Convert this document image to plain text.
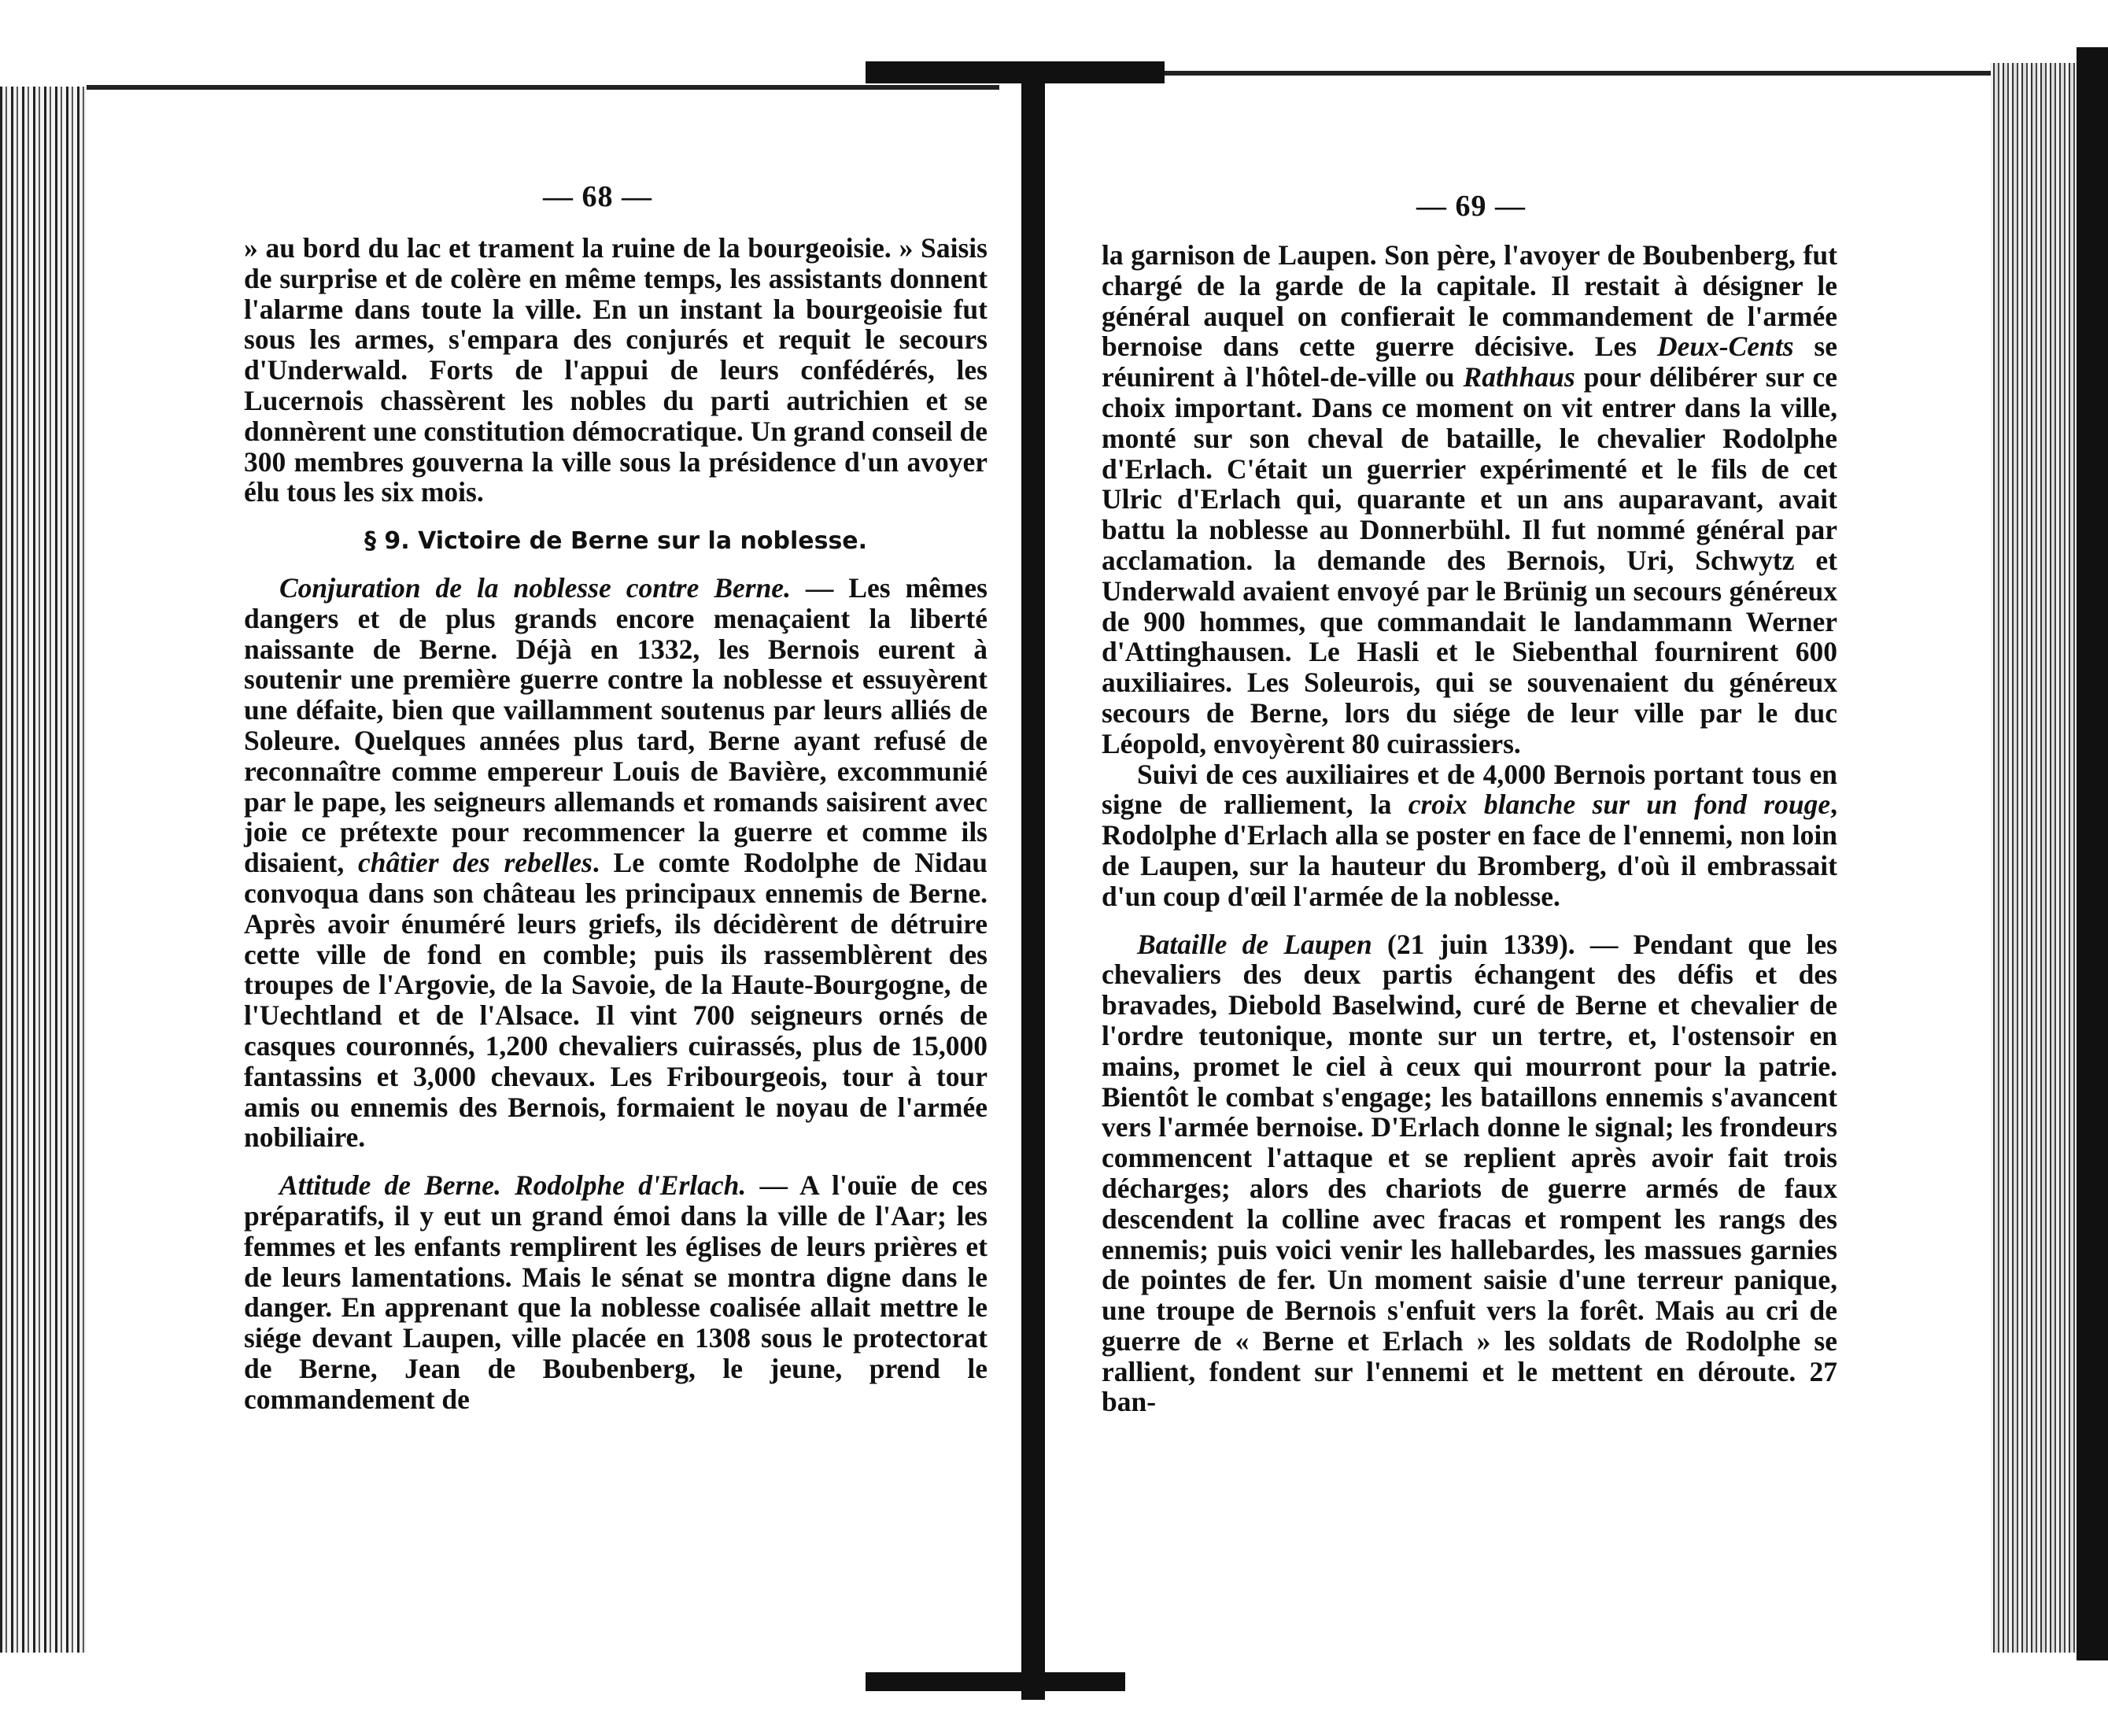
— 68 —

» au bord du lac et trament la ruine de la bourgeoisie. » Saisis de surprise et de colère en même temps, les assistants donnent l'alarme dans toute la ville. En un instant la bourgeoisie fut sous les armes, s'empara des conjurés et requit le secours d'Underwald. Forts de l'appui de leurs confédérés, les Lucernois chassèrent les nobles du parti autrichien et se donnèrent une constitution démocratique. Un grand conseil de 300 membres gouverna la ville sous la présidence d'un avoyer élu tous les six mois.

§ 9. Victoire de Berne sur la noblesse.

Conjuration de la noblesse contre Berne. — Les mêmes dangers et de plus grands encore menaçaient la liberté naissante de Berne. Déjà en 1332, les Bernois eurent à soutenir une première guerre contre la noblesse et essuyèrent une défaite, bien que vaillamment soutenus par leurs alliés de Soleure. Quelques années plus tard, Berne ayant refusé de reconnaître comme empereur Louis de Bavière, excommunié par le pape, les seigneurs allemands et romands saisirent avec joie ce prétexte pour recommencer la guerre et comme ils disaient, châtier des rebelles. Le comte Rodolphe de Nidau convoqua dans son château les principaux ennemis de Berne. Après avoir énuméré leurs griefs, ils décidèrent de détruire cette ville de fond en comble; puis ils rassemblèrent des troupes de l'Argovie, de la Savoie, de la Haute-Bourgogne, de l'Uechtland et de l'Alsace. Il vint 700 seigneurs ornés de casques couronnés, 1,200 chevaliers cuirassés, plus de 15,000 fantassins et 3,000 chevaux. Les Fribourgeois, tour à tour amis ou ennemis des Bernois, formaient le noyau de l'armée nobiliaire.

Attitude de Berne. Rodolphe d'Erlach. — A l'ouïe de ces préparatifs, il y eut un grand émoi dans la ville de l'Aar; les femmes et les enfants remplirent les églises de leurs prières et de leurs lamentations. Mais le sénat se montra digne dans le danger. En apprenant que la noblesse coalisée allait mettre le siége devant Laupen, ville placée en 1308 sous le protectorat de Berne, Jean de Boubenberg, le jeune, prend le commandement de

— 69 —

la garnison de Laupen. Son père, l'avoyer de Boubenberg, fut chargé de la garde de la capitale. Il restait à désigner le général auquel on confierait le commandement de l'armée bernoise dans cette guerre décisive. Les Deux-Cents se réunirent à l'hôtel-de-ville ou Rathhaus pour délibérer sur ce choix important. Dans ce moment on vit entrer dans la ville, monté sur son cheval de bataille, le chevalier Rodolphe d'Erlach. C'était un guerrier expérimenté et le fils de cet Ulric d'Erlach qui, quarante et un ans auparavant, avait battu la noblesse au Donnerbühl. Il fut nommé général par acclamation. la demande des Bernois, Uri, Schwytz et Underwald avaient envoyé par le Brünig un secours généreux de 900 hommes, que commandait le landammann Werner d'Attinghausen. Le Hasli et le Siebenthal fournirent 600 auxiliaires. Les Soleurois, qui se souvenaient du généreux secours de Berne, lors du siége de leur ville par le duc Léopold, envoyèrent 80 cuirassiers.

Suivi de ces auxiliaires et de 4,000 Bernois portant tous en signe de ralliement, la croix blanche sur un fond rouge, Rodolphe d'Erlach alla se poster en face de l'ennemi, non loin de Laupen, sur la hauteur du Bromberg, d'où il embrassait d'un coup d'œil l'armée de la noblesse.

Bataille de Laupen (21 juin 1339). — Pendant que les chevaliers des deux partis échangent des défis et des bravades, Diebold Baselwind, curé de Berne et chevalier de l'ordre teutonique, monte sur un tertre, et, l'ostensoir en mains, promet le ciel à ceux qui mourront pour la patrie. Bientôt le combat s'engage; les bataillons ennemis s'avancent vers l'armée bernoise. D'Erlach donne le signal; les frondeurs commencent l'attaque et se replient après avoir fait trois décharges; alors des chariots de guerre armés de faux descendent la colline avec fracas et rompent les rangs des ennemis; puis voici venir les hallebardes, les massues garnies de pointes de fer. Un moment saisie d'une terreur panique, une troupe de Bernois s'enfuit vers la forêt. Mais au cri de guerre de « Berne et Erlach » les soldats de Rodolphe se rallient, fondent sur l'ennemi et le mettent en déroute. 27 ban-
